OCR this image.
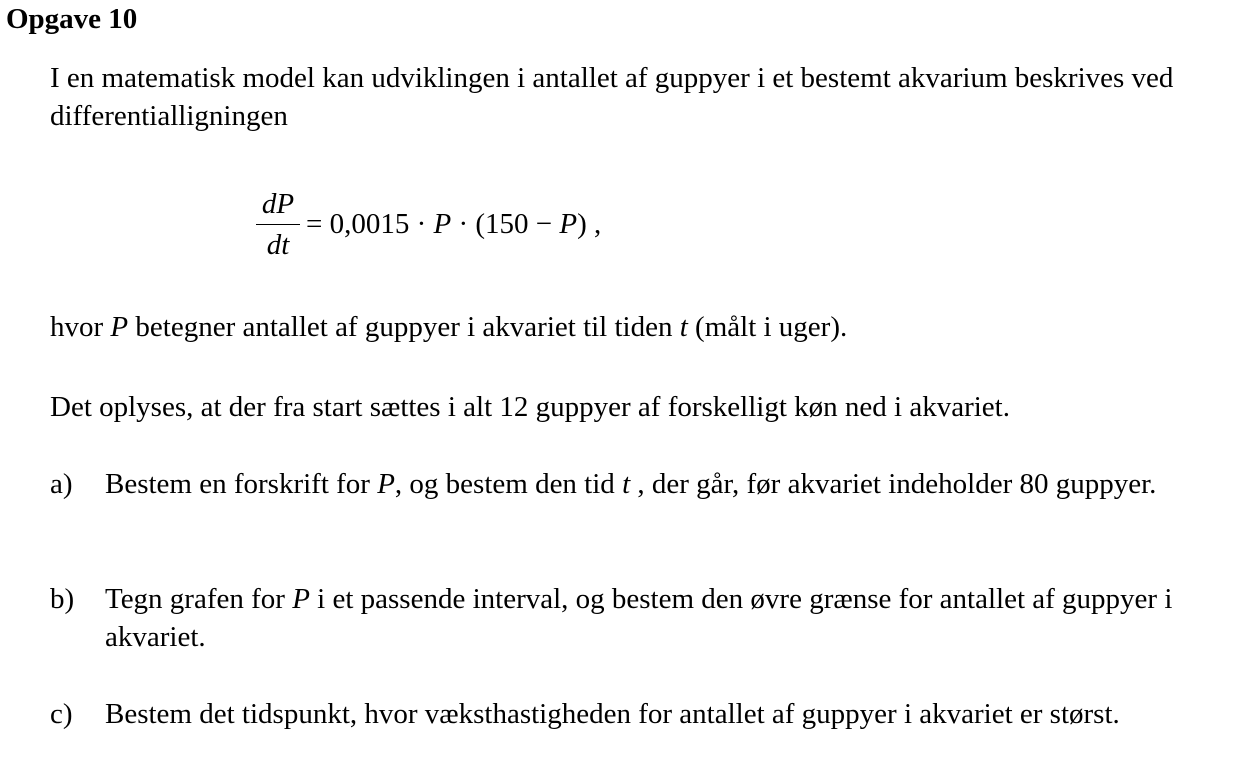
Opgave 10
I en matematisk model kan udviklingen i antallet af guppyer i et bestemt akvarium beskrives ved differentialligningen
$\frac{dP}{dt} = 0,0015 \cdot P \cdot (150 - P)$ ,
hvor P betegner antallet af guppyer i akvariet til tiden t (målt i uger).
Det oplyses, at der fra start sættes i alt 12 guppyer af forskelligt køn ned i akvariet.
a) Bestem en forskrift for P, og bestem den tid t , der går, før akvariet indeholder 80 guppyer.
b) Tegn grafen for P i et passende interval, og bestem den øvre grænse for antallet af guppyer i akvariet.
c) Bestem det tidspunkt, hvor væksthastigheden for antallet af guppyer i akvariet er størst.
